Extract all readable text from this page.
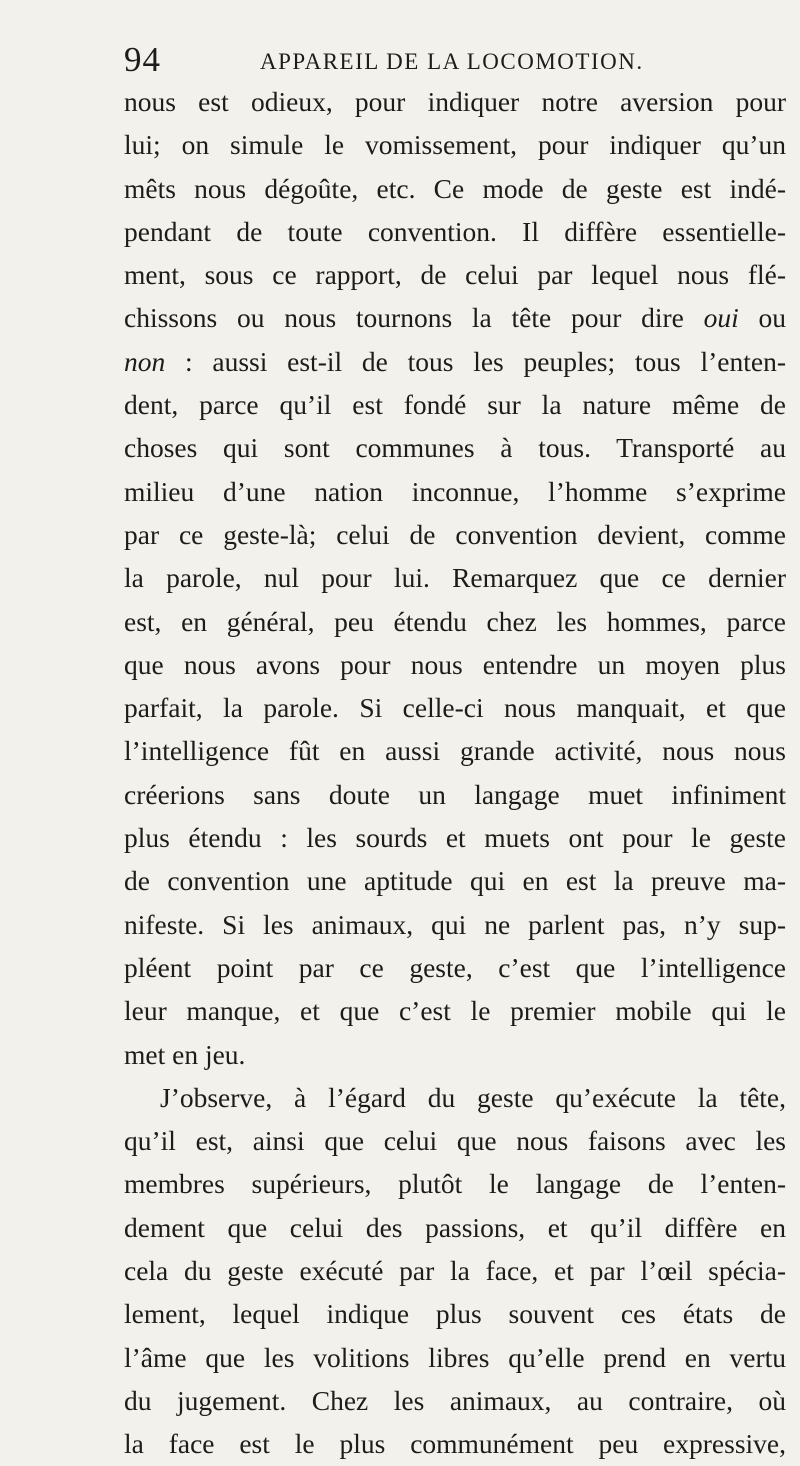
94	APPAREIL DE LA LOCOMOTION.
nous est odieux, pour indiquer notre aversion pour
lui; on simule le vomissement, pour indiquer qu’un
mêts nous dégoûte, etc. Ce mode de geste est indé-
pendant de toute convention. Il diffère essentielle-
ment, sous ce rapport, de celui par lequel nous flé-
chissons ou nous tournons la tête pour dire oui ou
non : aussi est-il de tous les peuples; tous l’enten-
dent, parce qu’il est fondé sur la nature même de
choses qui sont communes à tous. Transporté au
milieu d’une nation inconnue, l’homme s’exprime
par ce geste-là; celui de convention devient, comme
la parole, nul pour lui. Remarquez que ce dernier
est, en général, peu étendu chez les hommes, parce
que nous avons pour nous entendre un moyen plus
parfait, la parole. Si celle-ci nous manquait, et que
l’intelligence fût en aussi grande activité, nous nous
créerions sans doute un langage muet infiniment
plus étendu : les sourds et muets ont pour le geste
de convention une aptitude qui en est la preuve ma-
nifeste. Si les animaux, qui ne parlent pas, n’y sup-
pléent point par ce geste, c’est que l’intelligence
leur manque, et que c’est le premier mobile qui le
met en jeu.
J’observe, à l’égard du geste qu’exécute la tête,
qu’il est, ainsi que celui que nous faisons avec les
membres supérieurs, plutôt le langage de l’enten-
dement que celui des passions, et qu’il diffère en
cela du geste exécuté par la face, et par l’œil spécia-
lement, lequel indique plus souvent ces états de
l’âme que les volitions libres qu’elle prend en vertu
du jugement. Chez les animaux, au contraire, où
la face est le plus communément peu expressive,
